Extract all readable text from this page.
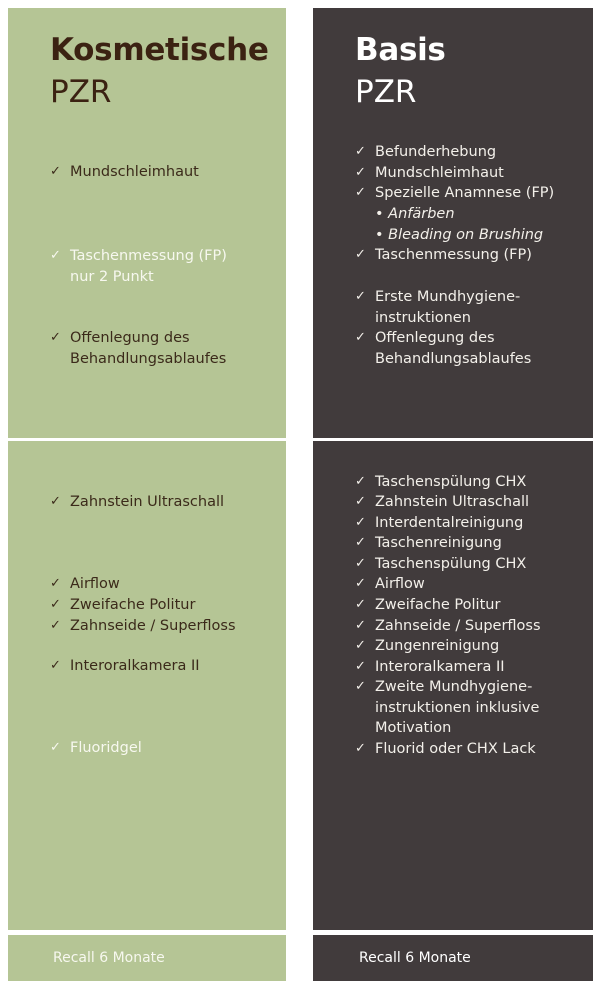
Kosmetische
PZR
✓ Mundschleimhaut
✓ Taschenmessung (FP)
nur 2 Punkt
✓ Offenlegung des
Behandlungsablaufes
✓ Zahnstein Ultraschall
✓ Airflow
✓ Zweifache Politur
✓ Zahnseide / Superfloss
✓ Interoralkamera II
✓ Fluoridgel
Recall 6 Monate
Basis
PZR
✓ Befunderhebung
✓ Mundschleimhaut
✓ Spezielle Anamnese (FP)
• Anfärben
• Bleading on Brushing
✓ Taschenmessung (FP)
✓ Erste Mundhygiene-
instruktionen
✓ Offenlegung des
Behandlungsablaufes
✓ Taschenspülung CHX
✓ Zahnstein Ultraschall
✓ Interdentalreinigung
✓ Taschenreinigung
✓ Taschenspülung CHX
✓ Airflow
✓ Zweifache Politur
✓ Zahnseide / Superfloss
✓ Zungenreinigung
✓ Interoralkamera II
✓ Zweite Mundhygiene-
instruktionen inklusive
Motivation
✓ Fluorid oder CHX Lack
Recall 6 Monate
